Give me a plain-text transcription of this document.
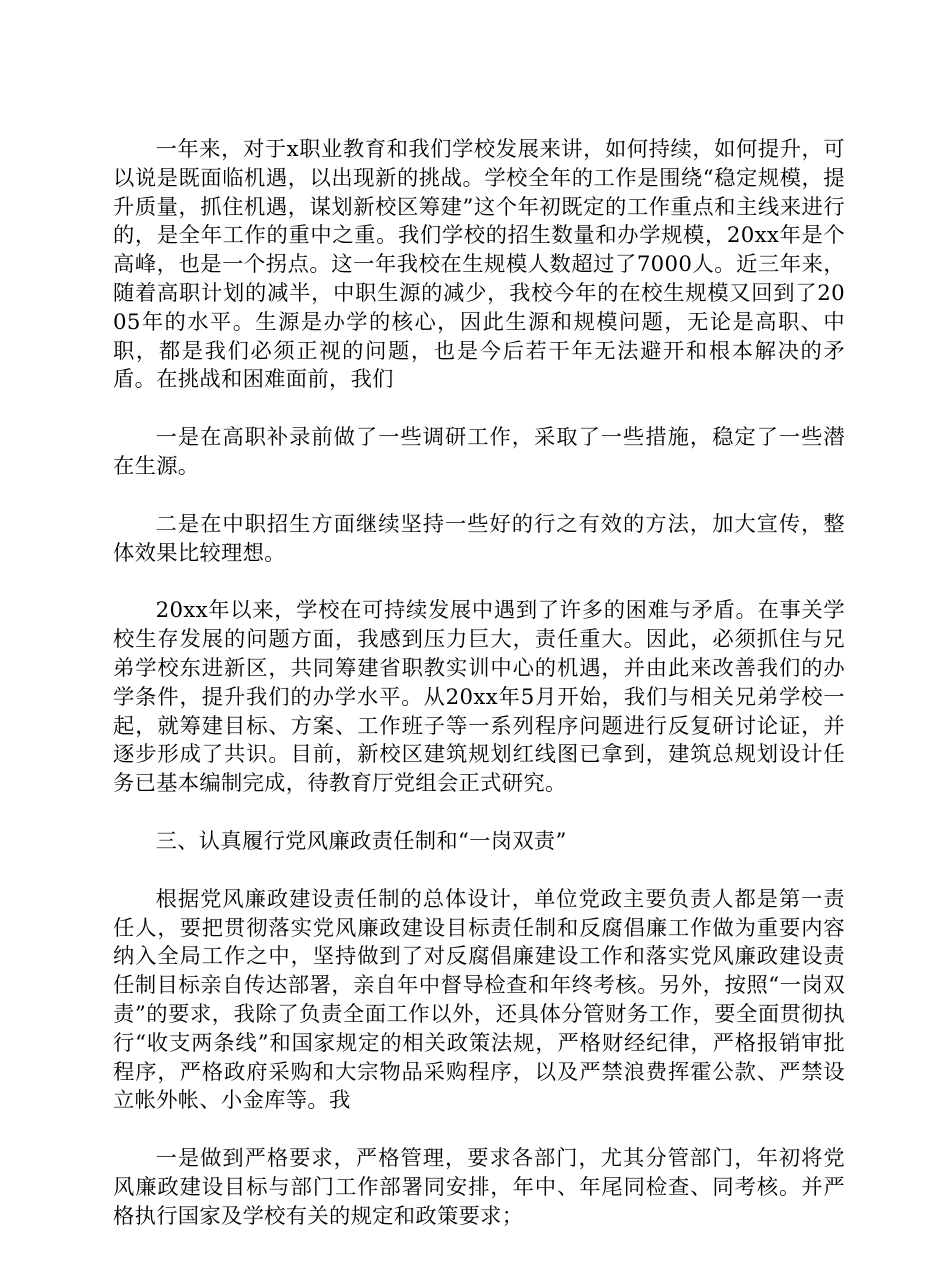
一年来，对于x职业教育和我们学校发展来讲，如何持续，如何提升，可以说是既面临机遇，以出现新的挑战。学校全年的工作是围绕“稳定规模，提升质量，抓住机遇，谋划新校区筹建”这个年初既定的工作重点和主线来进行的，是全年工作的重中之重。我们学校的招生数量和办学规模，20xx年是个高峰，也是一个拐点。这一年我校在生规模人数超过了7000人。近三年来，随着高职计划的减半，中职生源的减少，我校今年的在校生规模又回到了2005年的水平。生源是办学的核心，因此生源和规模问题，无论是高职、中职，都是我们必须正视的问题，也是今后若干年无法避开和根本解决的矛盾。在挑战和困难面前，我们

一是在高职补录前做了一些调研工作，采取了一些措施，稳定了一些潜在生源。

二是在中职招生方面继续坚持一些好的行之有效的方法，加大宣传，整体效果比较理想。

20xx年以来，学校在可持续发展中遇到了许多的困难与矛盾。在事关学校生存发展的问题方面，我感到压力巨大，责任重大。因此，必须抓住与兄弟学校东进新区，共同筹建省职教实训中心的机遇，并由此来改善我们的办学条件，提升我们的办学水平。从20xx年5月开始，我们与相关兄弟学校一起，就筹建目标、方案、工作班子等一系列程序问题进行反复研讨论证，并逐步形成了共识。目前，新校区建筑规划红线图已拿到，建筑总规划设计任务已基本编制完成，待教育厅党组会正式研究。

三、认真履行党风廉政责任制和“一岗双责”

根据党风廉政建设责任制的总体设计，单位党政主要负责人都是第一责任人，要把贯彻落实党风廉政建设目标责任制和反腐倡廉工作做为重要内容纳入全局工作之中，坚持做到了对反腐倡廉建设工作和落实党风廉政建设责任制目标亲自传达部署，亲自年中督导检查和年终考核。另外，按照“一岗双责”的要求，我除了负责全面工作以外，还具体分管财务工作，要全面贯彻执行“收支两条线”和国家规定的相关政策法规，严格财经纪律，严格报销审批程序，严格政府采购和大宗物品采购程序，以及严禁浪费挥霍公款、严禁设立帐外帐、小金库等。我

一是做到严格要求，严格管理，要求各部门，尤其分管部门，年初将党风廉政建设目标与部门工作部署同安排，年中、年尾同检查、同考核。并严格执行国家及学校有关的规定和政策要求；
